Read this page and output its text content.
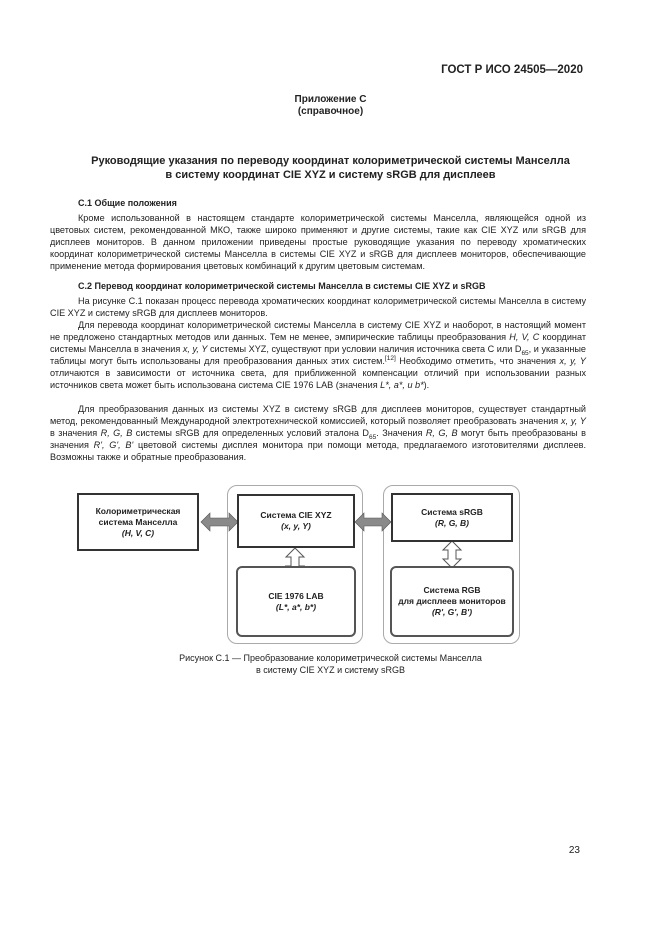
ГОСТ Р ИСО 24505—2020
Приложение С
(справочное)
Руководящие указания по переводу координат колориметрической системы Манселла
в систему координат CIE XYZ и систему sRGB для дисплеев
С.1 Общие положения
Кроме использованной в настоящем стандарте колориметрической системы Манселла, являющейся одной из цветовых систем, рекомендованной МКО, также широко применяют и другие системы, такие как CIE XYZ или sRGB для дисплеев мониторов. В данном приложении приведены простые руководящие указания по переводу хроматических координат колориметрической системы Манселла в системы CIE XYZ и sRGB для дисплеев мониторов, обеспечивающие применение метода формирования цветовых комбинаций к другим цветовым системам.
С.2 Перевод координат колориметрической системы Манселла в системы CIE XYZ и sRGB
На рисунке С.1 показан процесс перевода хроматических координат колориметрической системы Манселла в систему CIE XYZ и систему sRGB для дисплеев мониторов.
Для перевода координат колориметрической системы Манселла в систему CIE XYZ и наоборот, в настоящий момент не предложено стандартных методов или данных. Тем не менее, эмпирические таблицы преобразования H, V, C координат системы Манселла в значения x, y, Y системы XYZ, существуют при условии наличия источника света С или $D_{65}$, и указанные таблицы могут быть использованы для преобразования данных этих систем.[12] Необходимо отметить, что значения x, y, Y отличаются в зависимости от источника света, для приближенной компенсации отличий при использовании разных источников света может быть использована система CIE 1976 LAB (значения L*, a*, и b*).
Для преобразования данных из системы XYZ в систему sRGB для дисплеев мониторов, существует стандартный метод, рекомендованный Международной электротехнической комиссией, который позволяет преобразовать значения x, y, Y в значения R, G, B системы sRGB для определенных условий эталона $D_{65}$. Значения R, G, B могут быть преобразованы в значения R', G', B' цветовой системы дисплея монитора при помощи метода, предлагаемого изготовителями дисплеев. Возможны также и обратные преобразования.
Колориметрическая
система Манселла
(H, V, C)
Система CIE XYZ
(x, y, Y)
CIE 1976 LAB
(L*, a*, b*)
Система sRGB
(R, G, B)
Система RGB
для дисплеев мониторов
(R', G', B')
Рисунок С.1 — Преобразование колориметрической системы Манселла
в систему CIE XYZ и систему sRGB
23
